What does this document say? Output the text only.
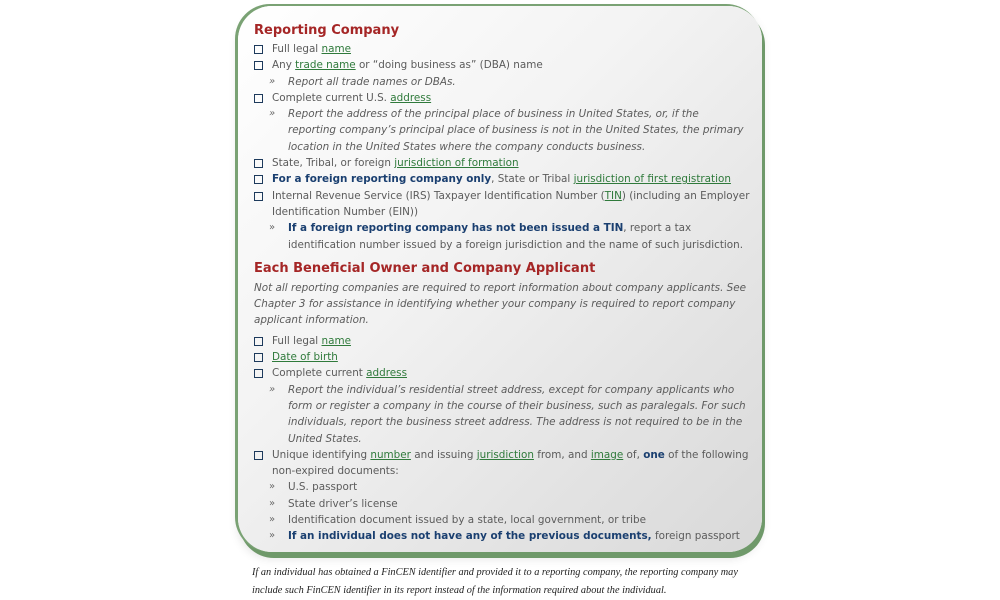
Reporting Company
Full legal name
Any trade name or “doing business as” (DBA) name
» Report all trade names or DBAs.
Complete current U.S. address
» Report the address of the principal place of business in United States, or, if the reporting company’s principal place of business is not in the United States, the primary location in the United States where the company conducts business.
State, Tribal, or foreign jurisdiction of formation
For a foreign reporting company only, State or Tribal jurisdiction of first registration
Internal Revenue Service (IRS) Taxpayer Identification Number (TIN) (including an Employer Identification Number (EIN))
» If a foreign reporting company has not been issued a TIN, report a tax identification number issued by a foreign jurisdiction and the name of such jurisdiction.
Each Beneficial Owner and Company Applicant
Not all reporting companies are required to report information about company applicants. See Chapter 3 for assistance in identifying whether your company is required to report company applicant information.
Full legal name
Date of birth
Complete current address
» Report the individual’s residential street address, except for company applicants who form or register a company in the course of their business, such as paralegals. For such individuals, report the business street address. The address is not required to be in the United States.
Unique identifying number and issuing jurisdiction from, and image of, one of the following non-expired documents:
» U.S. passport
» State driver’s license
» Identification document issued by a state, local government, or tribe
» If an individual does not have any of the previous documents, foreign passport
If an individual has obtained a FinCEN identifier and provided it to a reporting company, the reporting company may include such FinCEN identifier in its report instead of the information required about the individual.
